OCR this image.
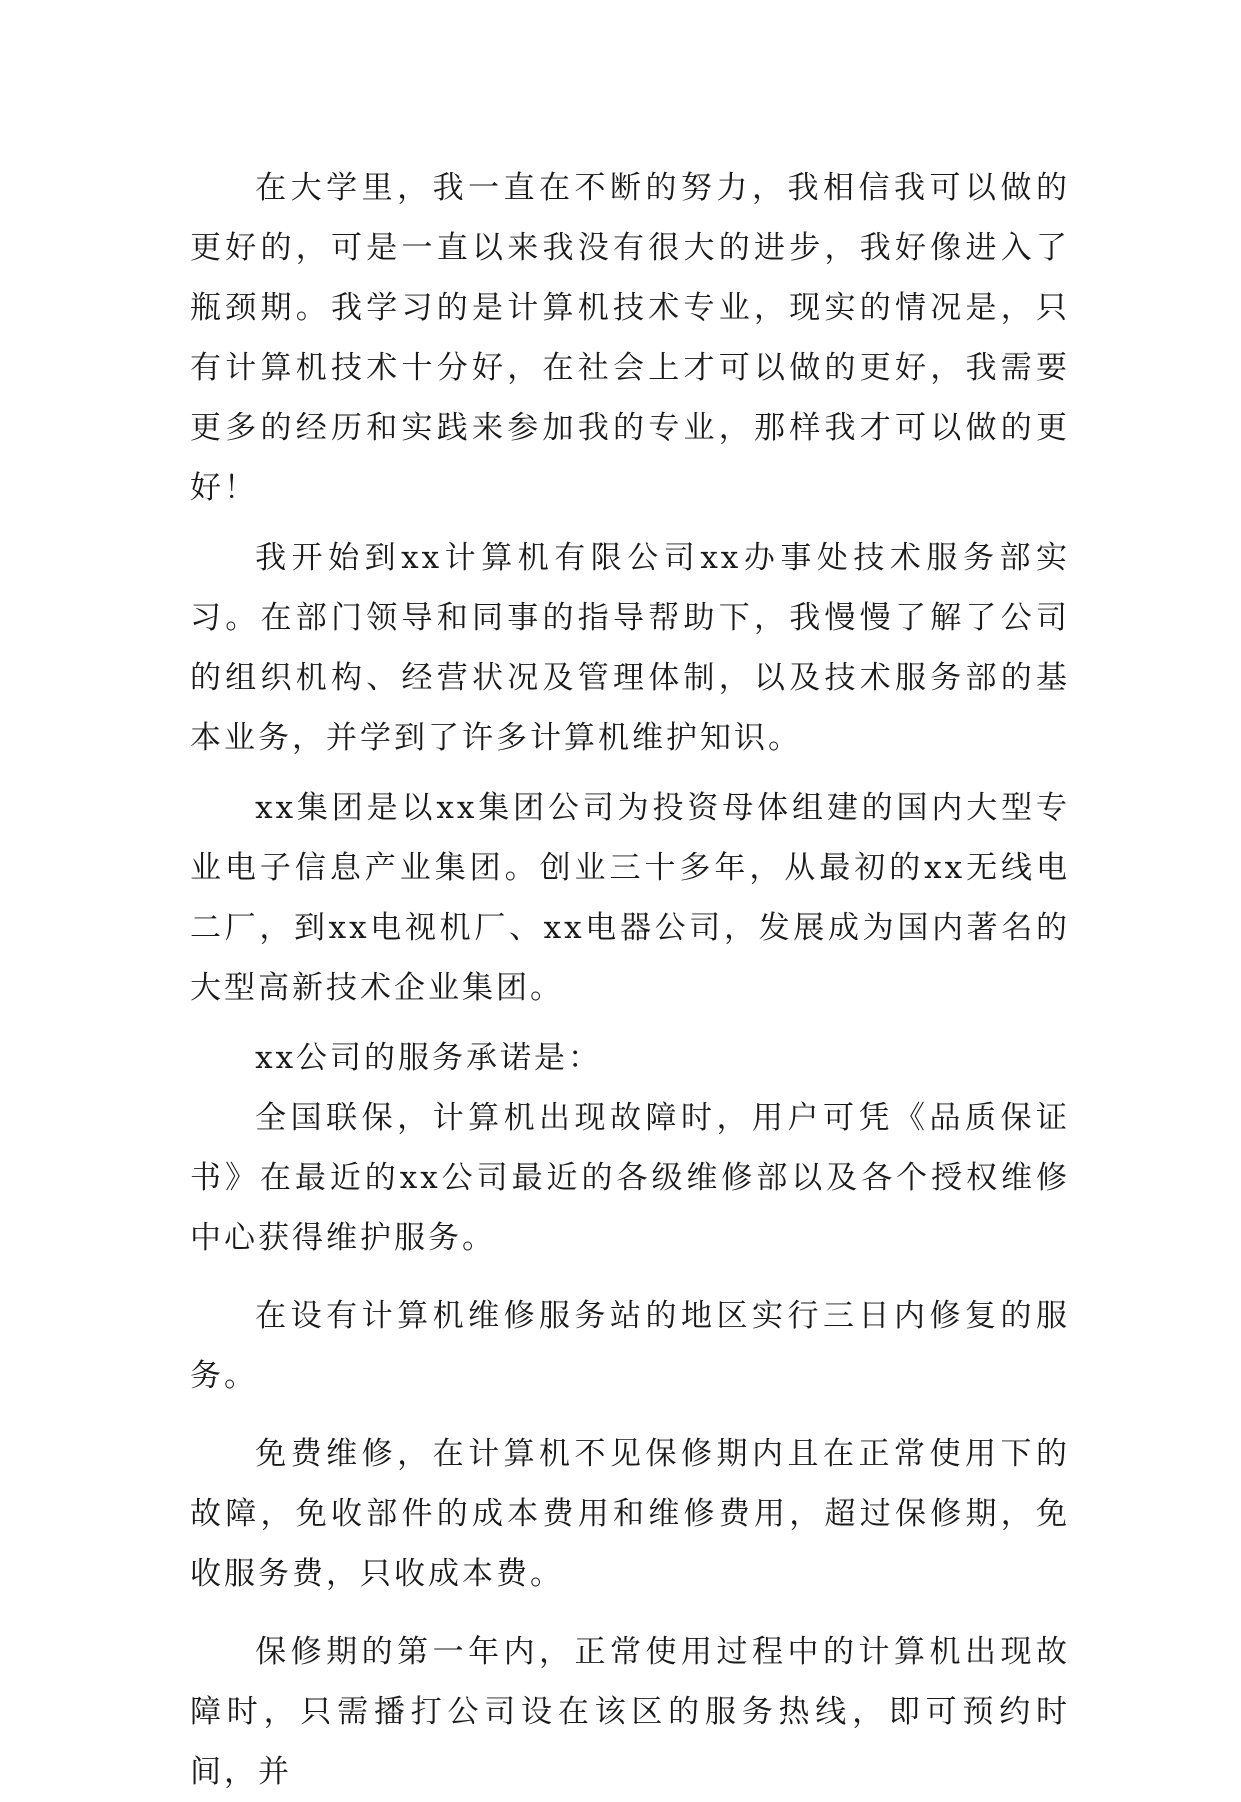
在大学里，我一直在不断的努力，我相信我可以做的更好的，可是一直以来我没有很大的进步，我好像进入了瓶颈期。我学习的是计算机技术专业，现实的情况是，只有计算机技术十分好，在社会上才可以做的更好，我需要更多的经历和实践来参加我的专业，那样我才可以做的更好！

我开始到xx计算机有限公司xx办事处技术服务部实习。在部门领导和同事的指导帮助下，我慢慢了解了公司的组织机构、经营状况及管理体制，以及技术服务部的基本业务，并学到了许多计算机维护知识。

xx集团是以xx集团公司为投资母体组建的国内大型专业电子信息产业集团。创业三十多年，从最初的xx无线电二厂，到xx电视机厂、xx电器公司，发展成为国内著名的大型高新技术企业集团。

xx公司的服务承诺是：

全国联保，计算机出现故障时，用户可凭《品质保证书》在最近的xx公司最近的各级维修部以及各个授权维修中心获得维护服务。

在设有计算机维修服务站的地区实行三日内修复的服务。

免费维修，在计算机不见保修期内且在正常使用下的故障，免收部件的成本费用和维修费用，超过保修期，免收服务费，只收成本费。

保修期的第一年内，正常使用过程中的计算机出现故障时，只需播打公司设在该区的服务热线，即可预约时间，并
